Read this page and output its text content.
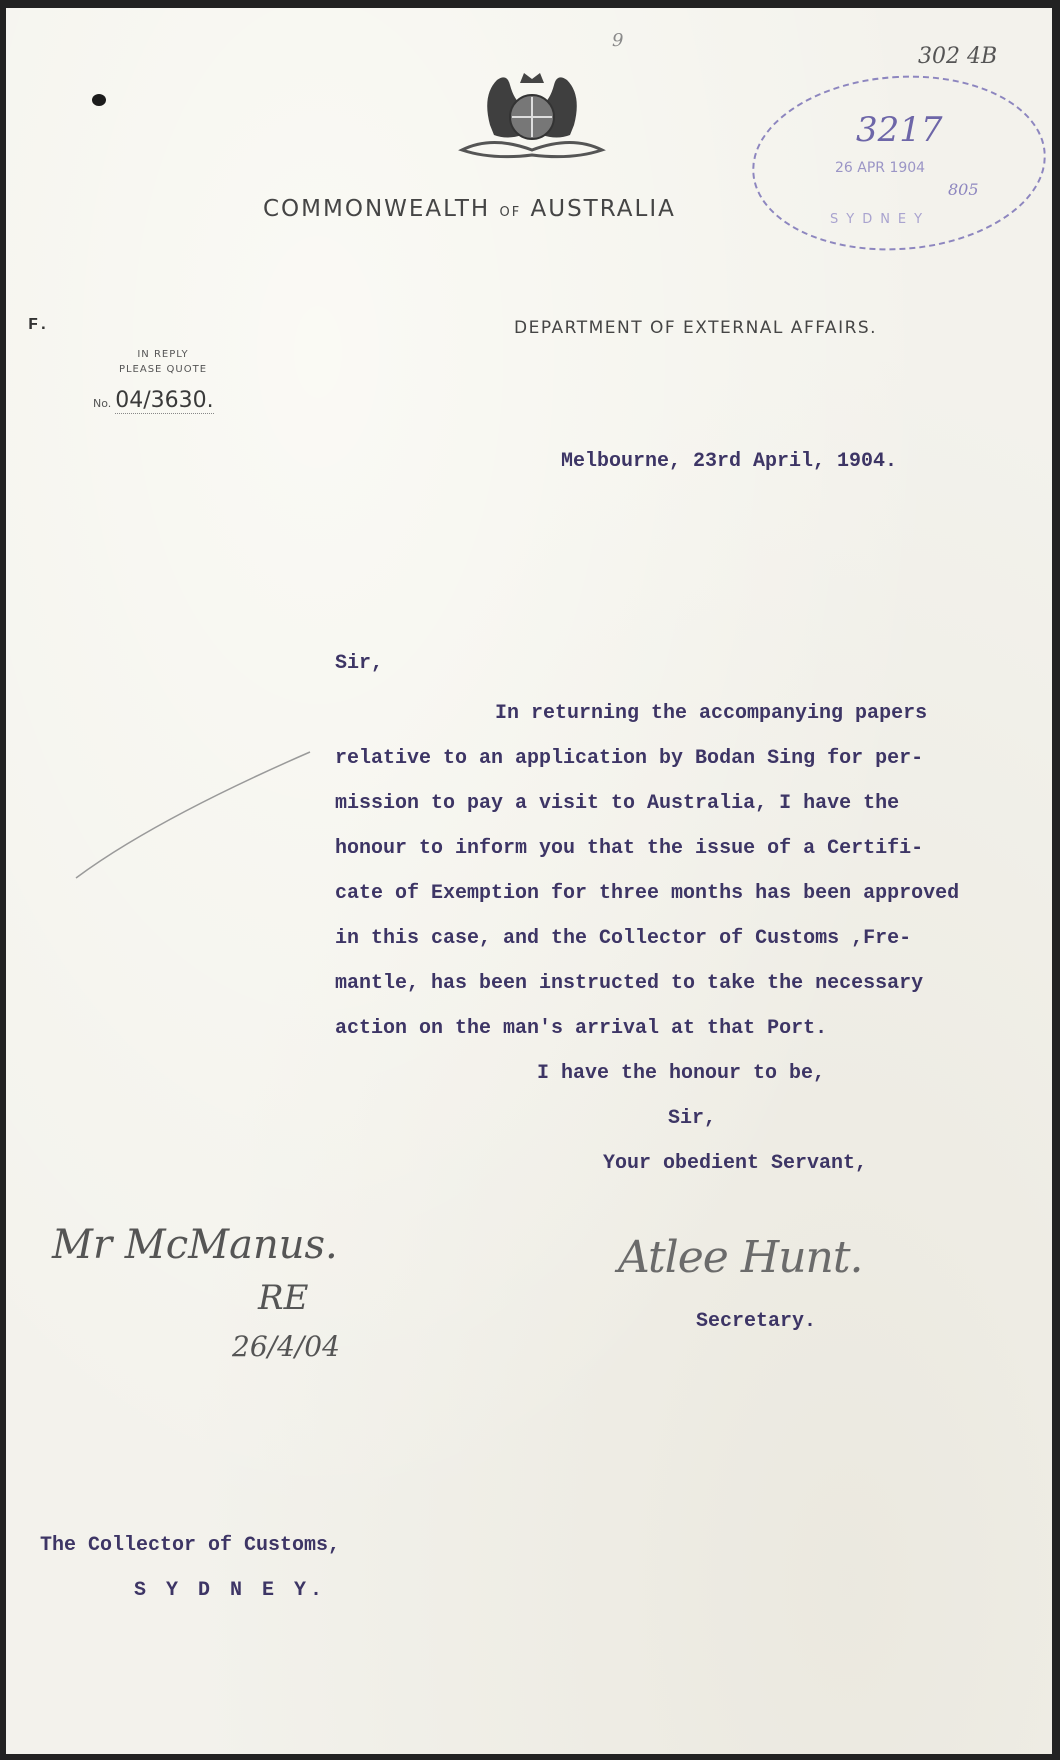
9
COMMONWEALTH OF AUSTRALIA
DEPARTMENT OF EXTERNAL AFFAIRS.
F.
302 4B
3217
26 APR 1904
805
SYDNEY
IN REPLY
PLEASE QUOTE
No. 04/3630.
Melbourne, 23rd April, 1904.
Sir,
In returning the accompanying papers
relative to an application by Bodan Sing for per-
mission to pay a visit to Australia, I have the
honour to inform you that the issue of a Certifi-
cate of Exemption for three months has been approved
in this case, and the Collector of Customs ,Fre-
mantle, has been instructed to take the necessary
action on the man's arrival at that Port.
I have the honour to be,
Sir,
Your obedient Servant,
Atlee Hunt.
Secretary.
Mr McManus.
RE
26/4/04
The Collector of Customs,
S Y D N E Y.
